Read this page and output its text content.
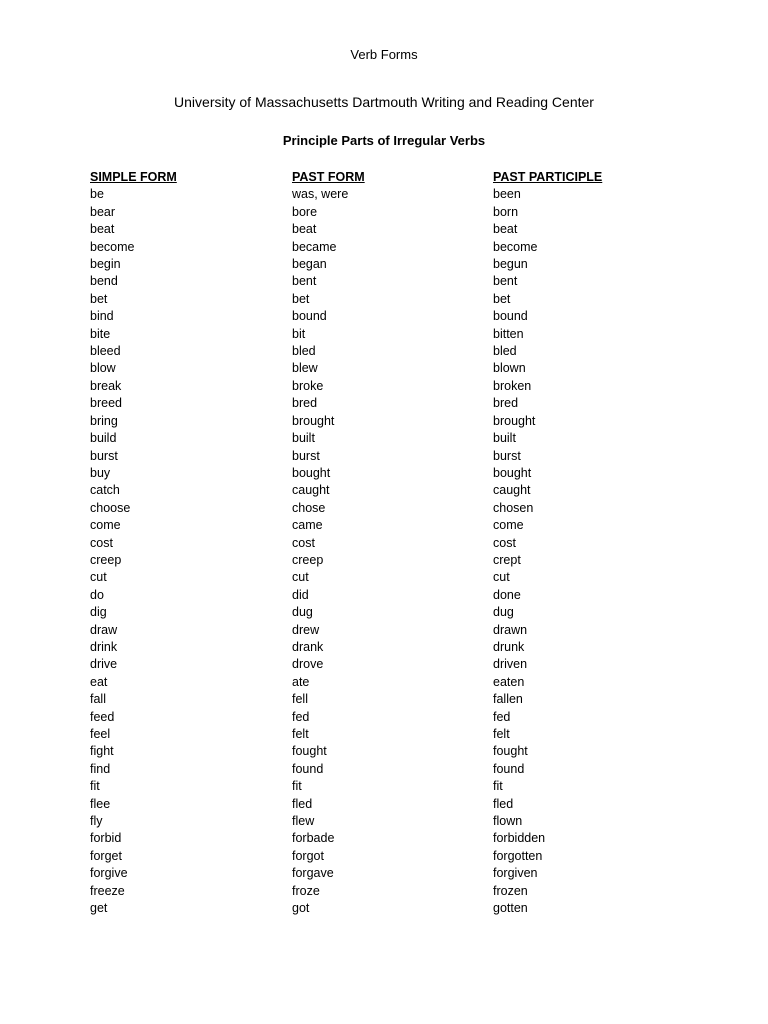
Verb Forms
University of Massachusetts Dartmouth Writing and Reading Center
Principle Parts of Irregular Verbs
SIMPLE FORM	PAST FORM	PAST PARTICIPLE
be	was, were	been
bear	bore	born
beat	beat	beat
become	became	become
begin	began	begun
bend	bent	bent
bet	bet	bet
bind	bound	bound
bite	bit	bitten
bleed	bled	bled
blow	blew	blown
break	broke	broken
breed	bred	bred
bring	brought	brought
build	built	built
burst	burst	burst
buy	bought	bought
catch	caught	caught
choose	chose	chosen
come	came	come
cost	cost	cost
creep	creep	crept
cut	cut	cut
do	did	done
dig	dug	dug
draw	drew	drawn
drink	drank	drunk
drive	drove	driven
eat	ate	eaten
fall	fell	fallen
feed	fed	fed
feel	felt	felt
fight	fought	fought
find	found	found
fit	fit	fit
flee	fled	fled
fly	flew	flown
forbid	forbade	forbidden
forget	forgot	forgotten
forgive	forgave	forgiven
freeze	froze	frozen
get	got	gotten
